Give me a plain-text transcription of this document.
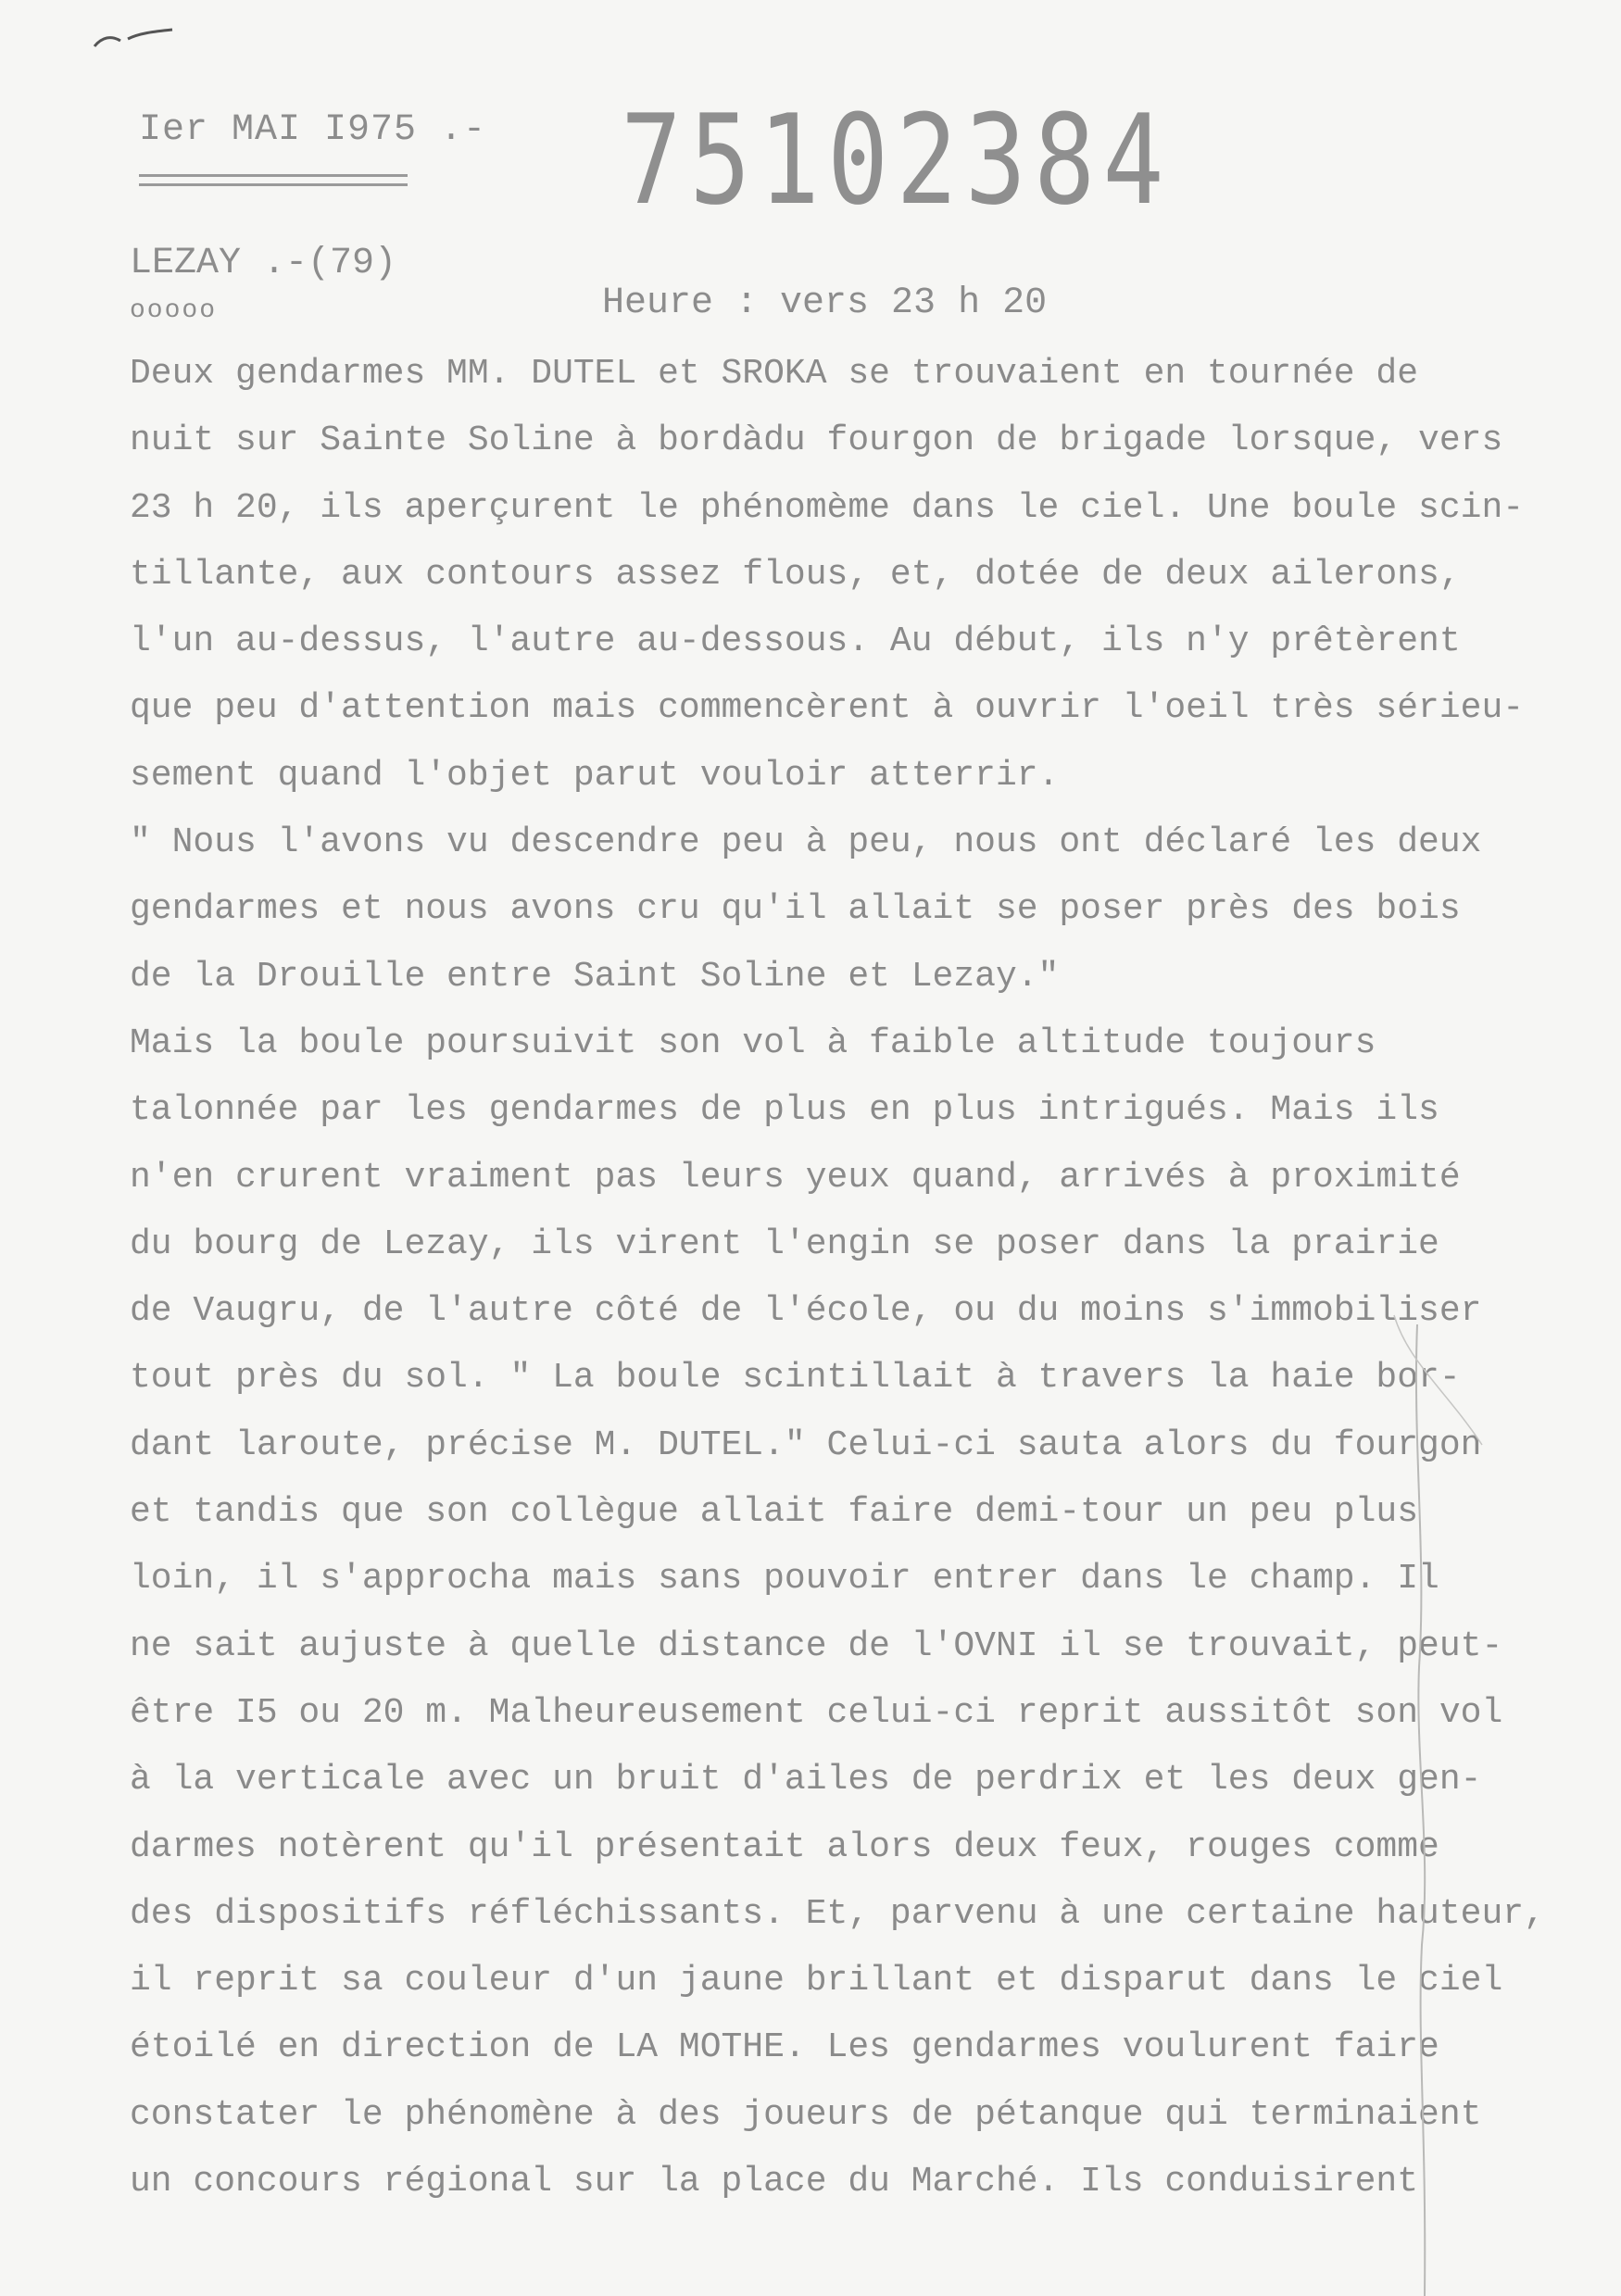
Ier MAI I975 .- 75102384
LEZAY .-(79)
ooooo	Heure : vers 23 h 20
Deux gendarmes MM. DUTEL et SROKA se trouvaient en tournée de
nuit sur Sainte Soline à bordàdu fourgon de brigade lorsque, vers
23 h 20, ils aperçurent le phénomème dans le ciel. Une boule scin-
tillante, aux contours assez flous, et, dotée de deux ailerons,
l'un au-dessus, l'autre au-dessous. Au début, ils n'y prêtèrent
que peu d'attention mais commencèrent à ouvrir l'oeil très sérieu-
sement quand l'objet parut vouloir atterrir.
" Nous l'avons vu descendre peu à peu, nous ont déclaré les deux
gendarmes et nous avons cru qu'il allait se poser près des bois
de la Drouille entre Saint Soline et Lezay."
Mais la boule poursuivit son vol à faible altitude toujours
talonnée par les gendarmes de plus en plus intrigués. Mais ils
n'en crurent vraiment pas leurs yeux quand, arrivés à proximité
du bourg de Lezay, ils virent l'engin se poser dans la prairie
de Vaugru, de l'autre côté de l'école, ou du moins s'immobiliser
tout près du sol. " La boule scintillait à travers la haie bor-
dant laroute, précise M. DUTEL." Celui-ci sauta alors du fourgon
et tandis que son collègue allait faire demi-tour un peu plus
loin, il s'approcha mais sans pouvoir entrer dans le champ. Il
ne sait aujuste à quelle distance de l'OVNI il se trouvait, peut-
être I5 ou 20 m. Malheureusement celui-ci reprit aussitôt son vol
à la verticale avec un bruit d'ailes de perdrix et les deux gen-
darmes notèrent qu'il présentait alors deux feux, rouges comme
des dispositifs réfléchissants. Et, parvenu à une certaine hauteur,
il reprit sa couleur d'un jaune brillant et disparut dans le ciel
étoilé en direction de LA MOTHE. Les gendarmes voulurent faire
constater le phénomène à des joueurs de pétanque qui terminaient
un concours régional sur la place du Marché. Ils conduisirent
